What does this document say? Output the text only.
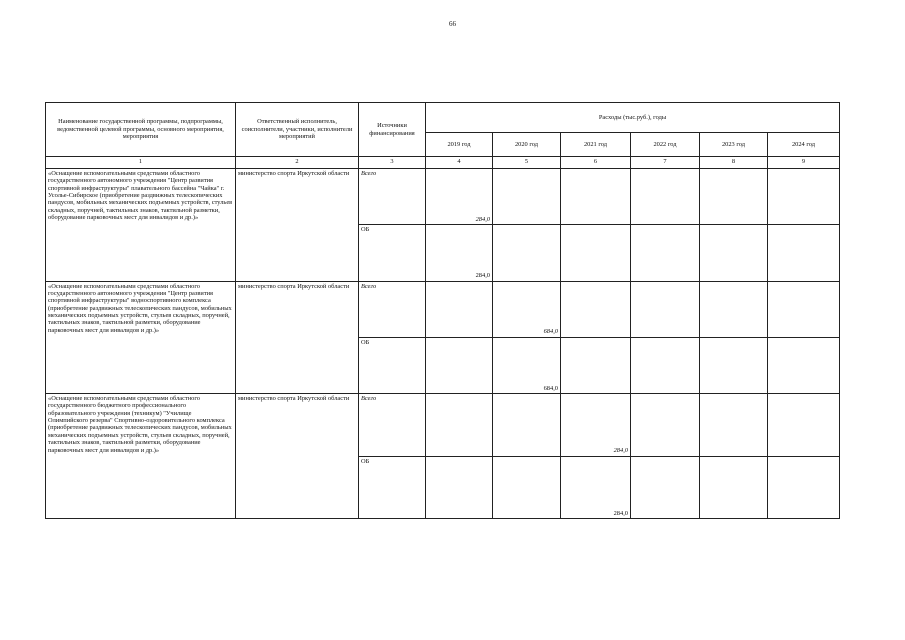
66
Наименование государственной программы, подпрограммы, ведомственной целевой программы, основного мероприятия, мероприятия	Ответственный исполнитель, соисполнители, участники, исполнители мероприятий	Источники финансирования	Расходы (тыс.руб.), годы					
			2019 год	2020 год	2021 год	2022 год	2023 год	2024 год
1	2	3	4	5	6	7	8	9
«Оснащение вспомогательными средствами областного государственного автономного учреждения "Центр развития спортивной инфраструктуры" плавательного бассейна "Чайка" г. Усолье-Сибирское (приобретение раздвижных телескопических пандусов, мобильных механических подъемных устройств, стульев складных, поручней, тактильных знаков, тактильной разметки, оборудование парковочных мест для инвалидов и др.)»	министерство спорта Иркутской области	Всего	284,0					
		ОБ	284,0					
«Оснащение вспомогательными средствами областного государственного автономного учреждения "Центр развития спортивной инфраструктуры" водноспортивного комплекса (приобретение раздвижных телескопических пандусов, мобильных механических подъемных устройств, стульев складных, поручней, тактильных знаков, тактильной разметки, оборудование парковочных мест для инвалидов и др.)»	министерство спорта Иркутской области	Всего		684,0				
		ОБ		684,0				
«Оснащение вспомогательными средствами областного государственного бюджетного профессионального образовательного учреждения (техникум) "Училище Олимпийского резерва" Спортивно-оздоровительного комплекса (приобретение раздвижных телескопических пандусов, мобильных механических подъемных устройств, стульев складных, поручней, тактильных знаков, тактильной разметки, оборудование парковочных мест для инвалидов и др.)»	министерство спорта Иркутской области	Всего			284,0			
		ОБ			284,0			
